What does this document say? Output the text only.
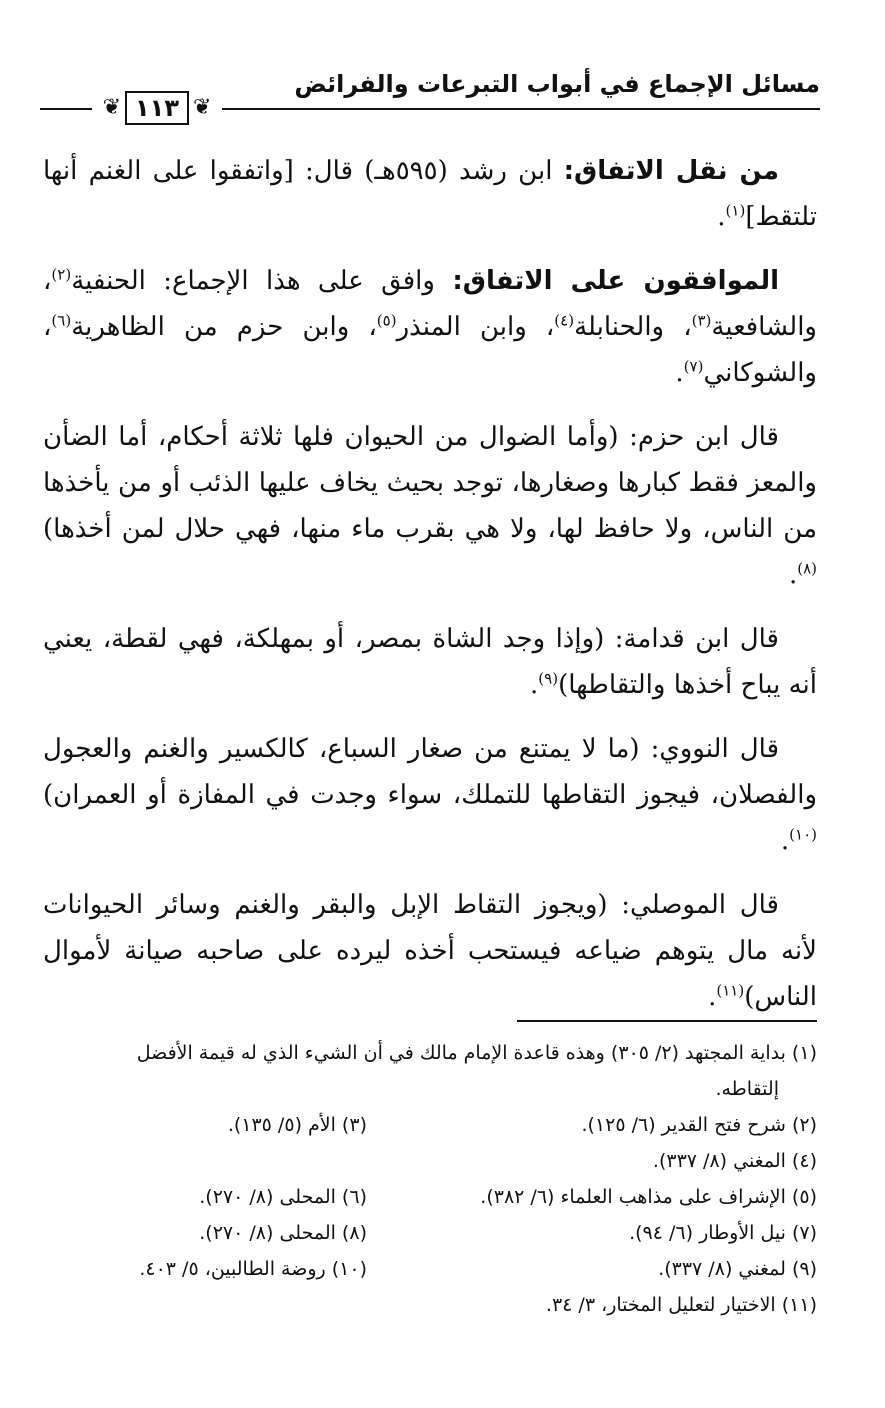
مسائل الإجماع في أبواب التبرعات والفرائض
❦
١١٣
❦

من نقل الاتفاق: ابن رشد (٥٩٥هـ) قال: [واتفقوا على الغنم أنها تلتقط]$^{(١)}$.

الموافقون على الاتفاق: وافق على هذا الإجماع: الحنفية$^{(٢)}$، والشافعية$^{(٣)}$، والحنابلة$^{(٤)}$، وابن المنذر$^{(٥)}$، وابن حزم من الظاهرية$^{(٦)}$، والشوكاني$^{(٧)}$.

قال ابن حزم: (وأما الضوال من الحيوان فلها ثلاثة أحكام، أما الضأن والمعز فقط كبارها وصغارها، توجد بحيث يخاف عليها الذئب أو من يأخذها من الناس، ولا حافظ لها، ولا هي بقرب ماء منها، فهي حلال لمن أخذها)$^{(٨)}$.

قال ابن قدامة: (وإذا وجد الشاة بمصر، أو بمهلكة، فهي لقطة، يعني أنه يباح أخذها والتقاطها)$^{(٩)}$.

قال النووي: (ما لا يمتنع من صغار السباع، كالكسير والغنم والعجول والفصلان، فيجوز التقاطها للتملك، سواء وجدت في المفازة أو العمران)$^{(١٠)}$.

قال الموصلي: (ويجوز التقاط الإبل والبقر والغنم وسائر الحيوانات لأنه مال يتوهم ضياعه فيستحب أخذه ليرده على صاحبه صيانة لأموال الناس)$^{(١١)}$.

(١) بداية المجتهد (٢/ ٣٠٥) وهذه قاعدة الإمام مالك في أن الشيء الذي له قيمة الأفضل
إلتقاطه.
(٢) شرح فتح القدير (٦/ ١٢٥).
(٣) الأم (٥/ ١٣٥).
(٤) المغني (٨/ ٣٣٧).
(٥) الإشراف على مذاهب العلماء (٦/ ٣٨٢).
(٦) المحلى (٨/ ٢٧٠).
(٧) نيل الأوطار (٦/ ٩٤).
(٨) المحلى (٨/ ٢٧٠).
(٩) لمغني (٨/ ٣٣٧).
(١٠) روضة الطالبين، ٥/ ٤٠٣.
(١١) الاختيار لتعليل المختار، ٣/ ٣٤.
